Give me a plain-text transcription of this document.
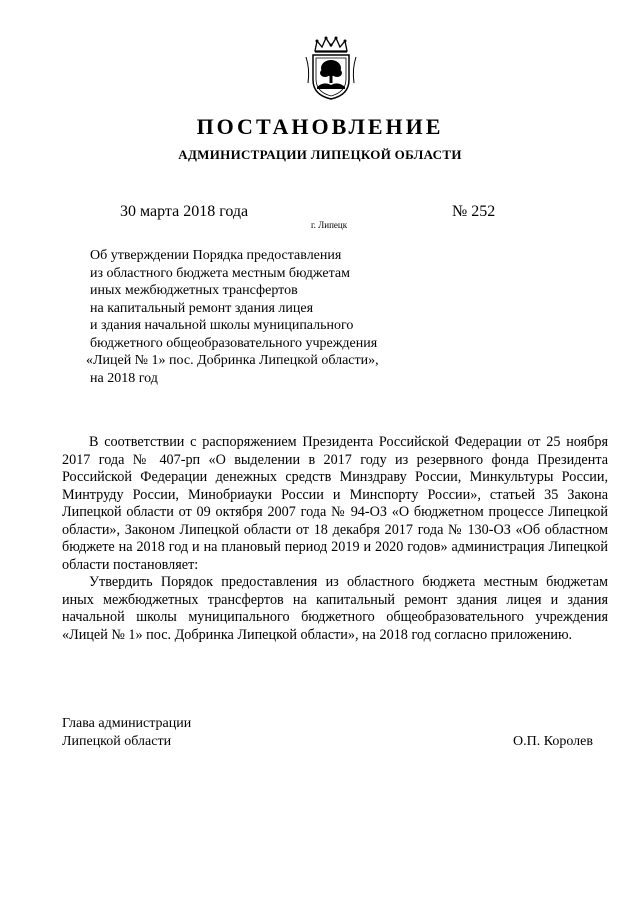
ПОСТАНОВЛЕНИЕ
АДМИНИСТРАЦИИ ЛИПЕЦКОЙ ОБЛАСТИ
30 марта 2018 года
г. Липецк
№ 252
Об утверждении Порядка предоставления
из областного бюджета местным бюджетам
иных межбюджетных трансфертов
на капитальный ремонт здания лицея
и здания начальной школы муниципального
бюджетного общеобразовательного учреждения
«Лицей № 1» пос. Добринка Липецкой области»,
на 2018 год

В соответствии с распоряжением Президента Российской Федерации от 25 ноября 2017 года № 407-рп «О выделении в 2017 году из резервного фонда Президента Российской Федерации денежных средств Минздраву России, Минкультуры России, Минтруду России, Минобриауки России и Минспорту России», статьей 35 Закона Липецкой области от 09 октября 2007 года № 94-ОЗ «О бюджетном процессе Липецкой области», Законом Липецкой области от 18 декабря 2017 года № 130-ОЗ «Об областном бюджете на 2018 год и на плановый период 2019 и 2020 годов» администрация Липецкой области постановляет:

Утвердить Порядок предоставления из областного бюджета местным бюджетам иных межбюджетных трансфертов на капитальный ремонт здания лицея и здания начальной школы муниципального бюджетного общеобразовательного учреждения «Лицей № 1» пос. Добринка Липецкой области», на 2018 год согласно приложению.

Глава администрации
Липецкой области	О.П. Королев
